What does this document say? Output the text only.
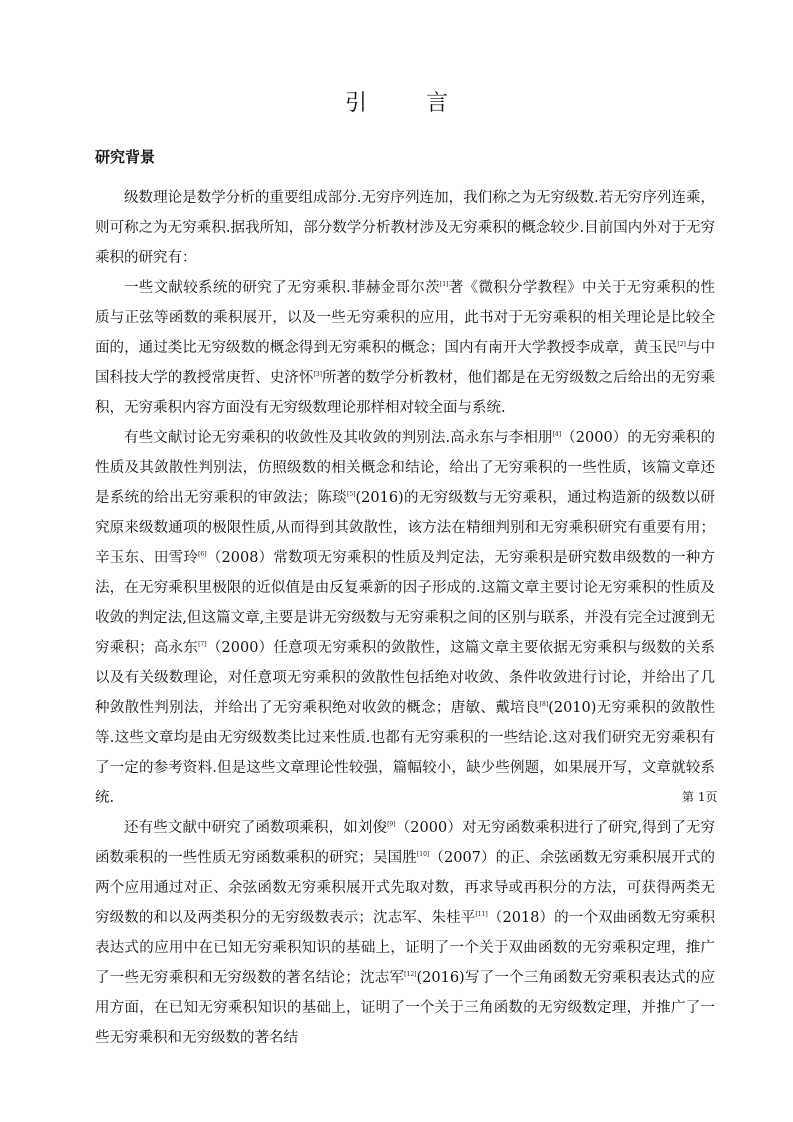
引 言
研究背景

级数理论是数学分析的重要组成部分.无穷序列连加，我们称之为无穷级数.若无穷序列连乘，则可称之为无穷乘积.据我所知，部分数学分析教材涉及无穷乘积的概念较少.目前国内外对于无穷乘积的研究有：

一些文献较系统的研究了无穷乘积.菲赫金哥尔茨[1]著《微积分学教程》中关于无穷乘积的性质与正弦等函数的乘积展开，以及一些无穷乘积的应用，此书对于无穷乘积的相关理论是比较全面的，通过类比无穷级数的概念得到无穷乘积的概念；国内有南开大学教授李成章，黄玉民[2]与中国科技大学的教授常庚哲、史济怀[3]所著的数学分析教材，他们都是在无穷级数之后给出的无穷乘积，无穷乘积内容方面没有无穷级数理论那样相对较全面与系统.

有些文献讨论无穷乘积的收敛性及其收敛的判别法.高永东与李相朋[4]（2000）的无穷乘积的性质及其敛散性判别法，仿照级数的相关概念和结论，给出了无穷乘积的一些性质，该篇文章还是系统的给出无穷乘积的审敛法；陈琰[5](2016)的无穷级数与无穷乘积，通过构造新的级数以研究原来级数通项的极限性质,从而得到其敛散性，该方法在精细判别和无穷乘积研究有重要有用；辛玉东、田雪玲[6]（2008）常数项无穷乘积的性质及判定法，无穷乘积是研究数串级数的一种方法，在无穷乘积里极限的近似值是由反复乘新的因子形成的.这篇文章主要讨论无穷乘积的性质及收敛的判定法,但这篇文章,主要是讲无穷级数与无穷乘积之间的区别与联系，并没有完全过渡到无穷乘积；高永东[7]（2000）任意项无穷乘积的敛散性，这篇文章主要依据无穷乘积与级数的关系以及有关级数理论，对任意项无穷乘积的敛散性包括绝对收敛、条件收敛进行讨论，并给出了几种敛散性判别法，并给出了无穷乘积绝对收敛的概念；唐敏、戴培良[8](2010)无穷乘积的敛散性等.这些文章均是由无穷级数类比过来性质.也都有无穷乘积的一些结论.这对我们研究无穷乘积有了一定的参考资料.但是这些文章理论性较强，篇幅较小，缺少些例题，如果展开写，文章就较系统.

还有些文献中研究了函数项乘积，如刘俊[9]（2000）对无穷函数乘积进行了研究,得到了无穷函数乘积的一些性质无穷函数乘积的研究；吴国胜[10]（2007）的正、余弦函数无穷乘积展开式的两个应用通过对正、余弦函数无穷乘积展开式先取对数，再求导或再积分的方法，可获得两类无穷级数的和以及两类积分的无穷级数表示；沈志军、朱桂平[11]（2018）的一个双曲函数无穷乘积表达式的应用中在已知无穷乘积知识的基础上，证明了一个关于双曲函数的无穷乘积定理，推广了一些无穷乘积和无穷级数的著名结论；沈志军[12](2016)写了一个三角函数无穷乘积表达式的应用方面，在已知无穷乘积知识的基础上，证明了一个关于三角函数的无穷级数定理，并推广了一些无穷乘积和无穷级数的著名结

第 1页
